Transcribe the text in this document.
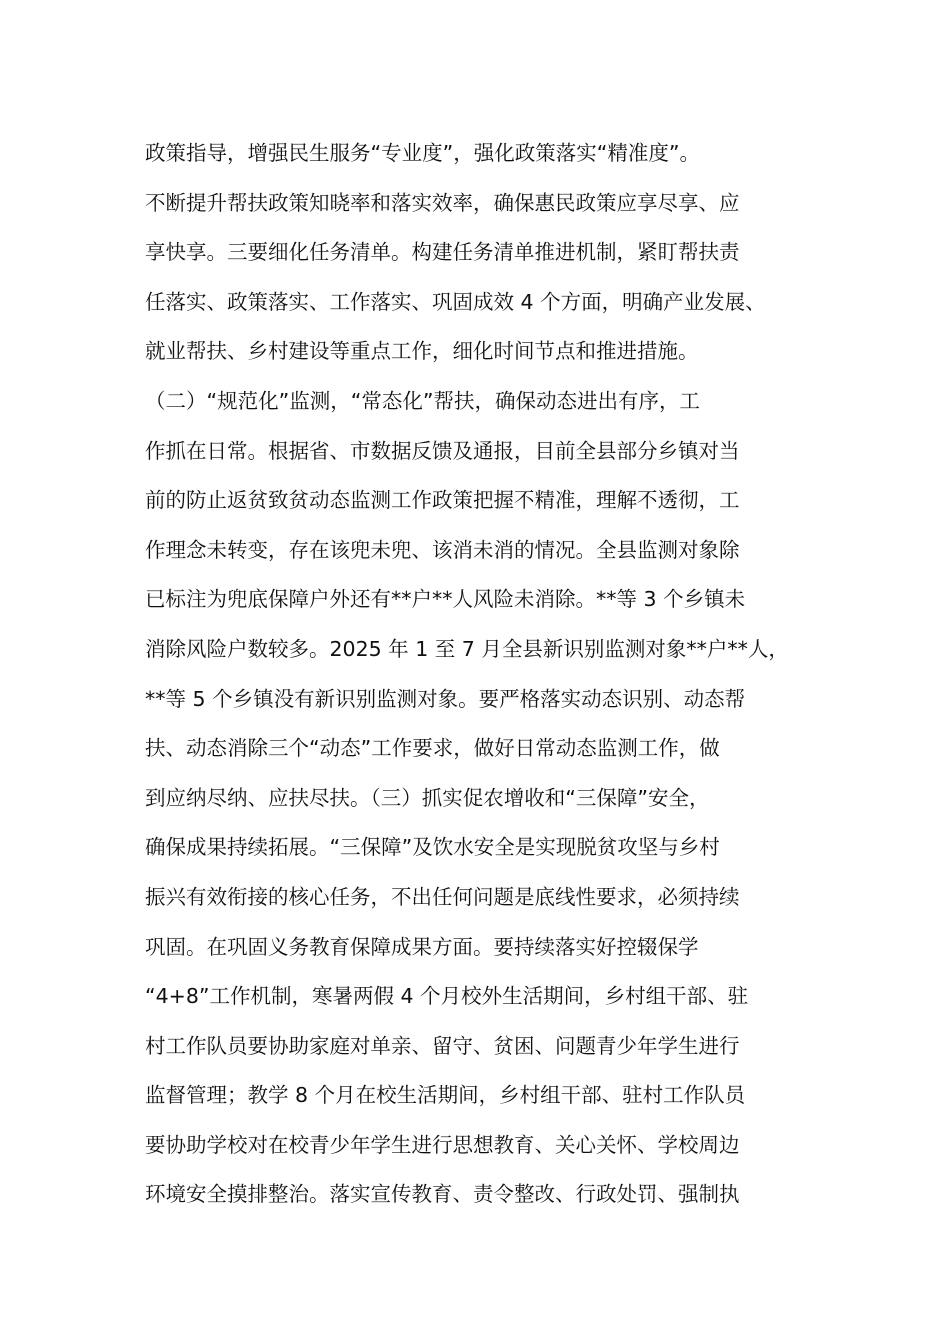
政策指导，增强民生服务“专业度”，强化政策落实“精准度”。
不断提升帮扶政策知晓率和落实效率，确保惠民政策应享尽享、应
享快享。三要细化任务清单。构建任务清单推进机制，紧盯帮扶责
任落实、政策落实、工作落实、巩固成效 4 个方面，明确产业发展、
就业帮扶、乡村建设等重点工作，细化时间节点和推进措施。
（二）“规范化”监测，“常态化”帮扶，确保动态进出有序，工
作抓在日常。根据省、市数据反馈及通报，目前全县部分乡镇对当
前的防止返贫致贫动态监测工作政策把握不精准，理解不透彻，工
作理念未转变，存在该兜未兜、该消未消的情况。全县监测对象除
已标注为兜底保障户外还有**户**人风险未消除。**等 3 个乡镇未
消除风险户数较多。2025 年 1 至 7 月全县新识别监测对象**户**人，
**等 5 个乡镇没有新识别监测对象。要严格落实动态识别、动态帮
扶、动态消除三个“动态”工作要求，做好日常动态监测工作，做
到应纳尽纳、应扶尽扶。（三）抓实促农增收和“三保障”安全，
确保成果持续拓展。“三保障”及饮水安全是实现脱贫攻坚与乡村
振兴有效衔接的核心任务，不出任何问题是底线性要求，必须持续
巩固。在巩固义务教育保障成果方面。要持续落实好控辍保学
“4+8”工作机制，寒暑两假 4 个月校外生活期间，乡村组干部、驻
村工作队员要协助家庭对单亲、留守、贫困、问题青少年学生进行
监督管理；教学 8 个月在校生活期间，乡村组干部、驻村工作队员
要协助学校对在校青少年学生进行思想教育、关心关怀、学校周边
环境安全摸排整治。落实宣传教育、责令整改、行政处罚、强制执
